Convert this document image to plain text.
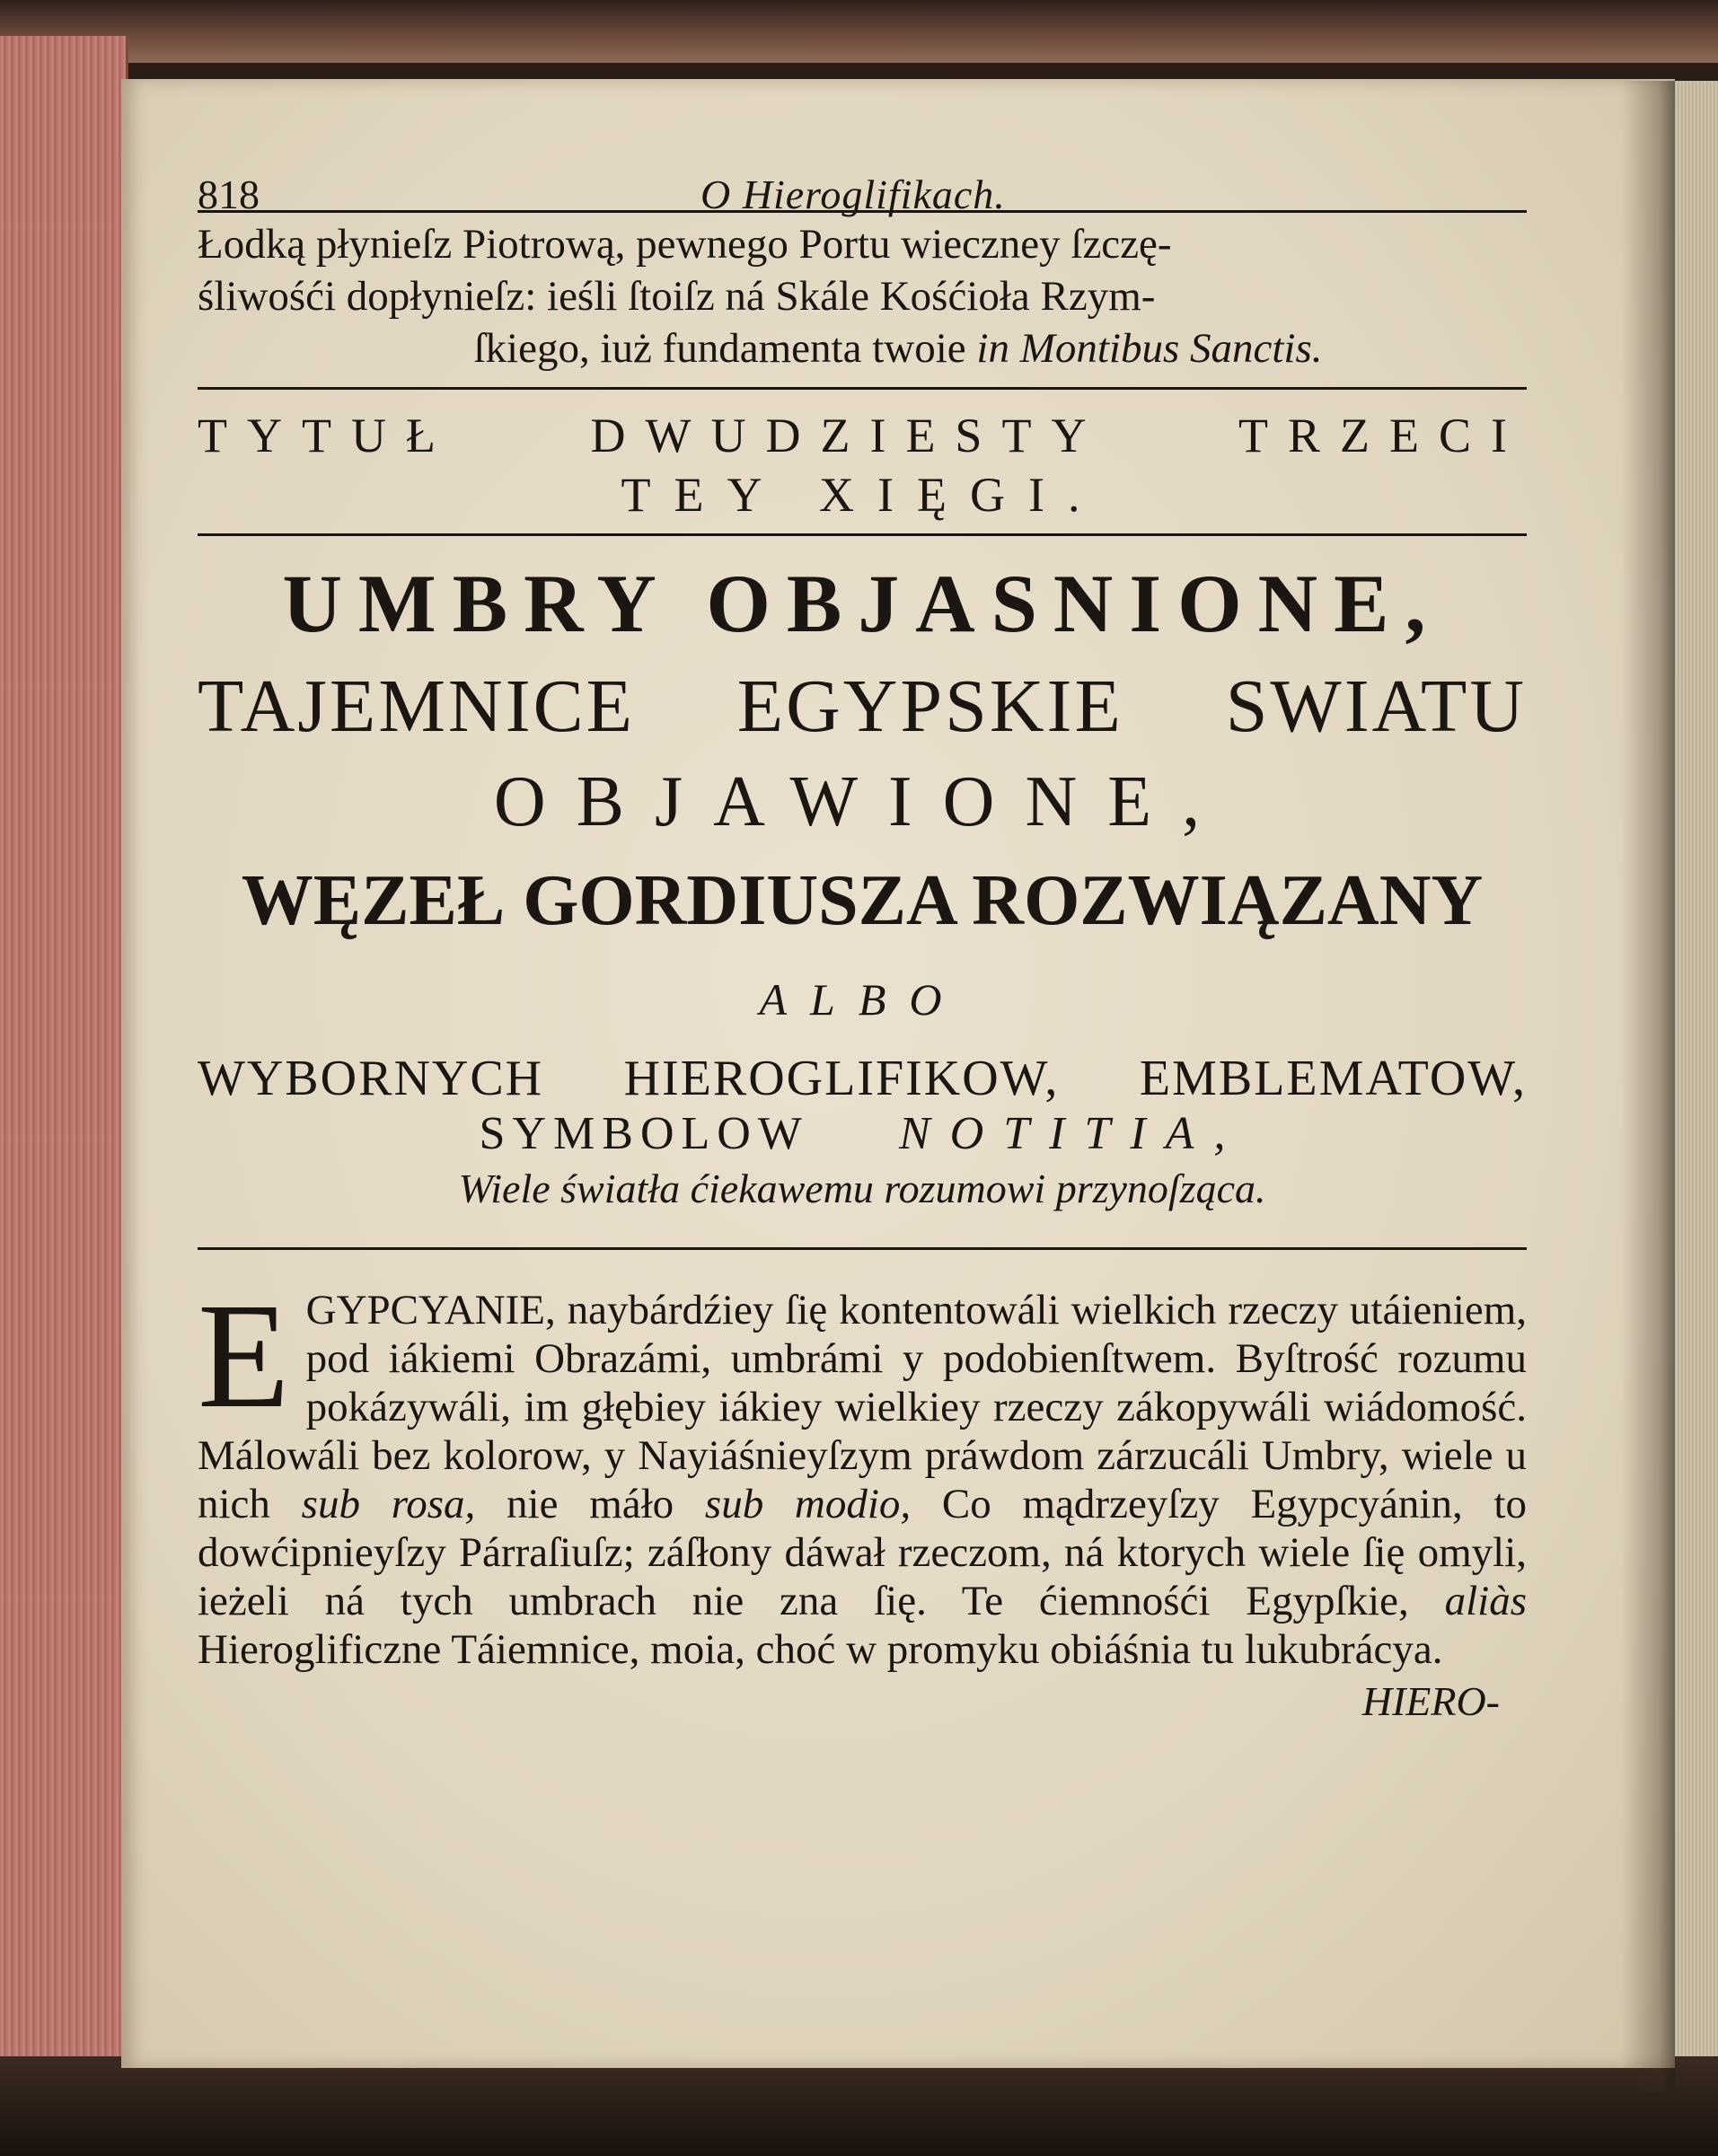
818	O Hieroglifikach.
Łodką płynieſz Piotrową, pewnego Portu wieczney ſzczę-
śliwośći dopłynieſz: ieśli ſtoiſz ná Skále Kośćioła Rzym-
ſkiego, iuż fundamenta twoie in Montibus Sanctis.
TYTUŁ DWUDZIESTY TRZECI
TEY XIĘGI.
UMBRY OBJASNIONE,
TAJEMNICE EGYPSKIE SWIATU
OBJAWIONE,
WĘZEŁ GORDIUSZA ROZWIĄZANY
ALBO
WYBORNYCH HIEROGLIFIKOW, EMBLEMATOW,
SYMBOLOW NOTITIA,
Wiele światła ćiekawemu rozumowi przynoſząca.
E GYPCYANIE, naybárdźiey ſię kontentowáli wielkich rzeczy utáieniem, pod iákiemi Obrazámi, umbrámi y podobienſtwem. Byſtrość rozumu pokázywáli, im głębiey iákiey wielkiey rzeczy zákopywáli wiádomość. Málowáli bez kolorow, y Nayiáśnieyſzym práwdom zárzucáli Umbry, wiele u nich sub rosa, nie máło sub modio, Co mądrzeyſzy Egypcyánin, to dowćipnieyſzy Párraſiuſz; záſłony dáwał rzeczom, ná ktorych wiele ſię omyli, ieżeli ná tych umbrach nie zna ſię. Te ćiemnośći Egypſkie, aliàs Hieroglificzne Táiemnice, moia, choć w promyku obiáśnia tu lukubrácya.
HIERO-
